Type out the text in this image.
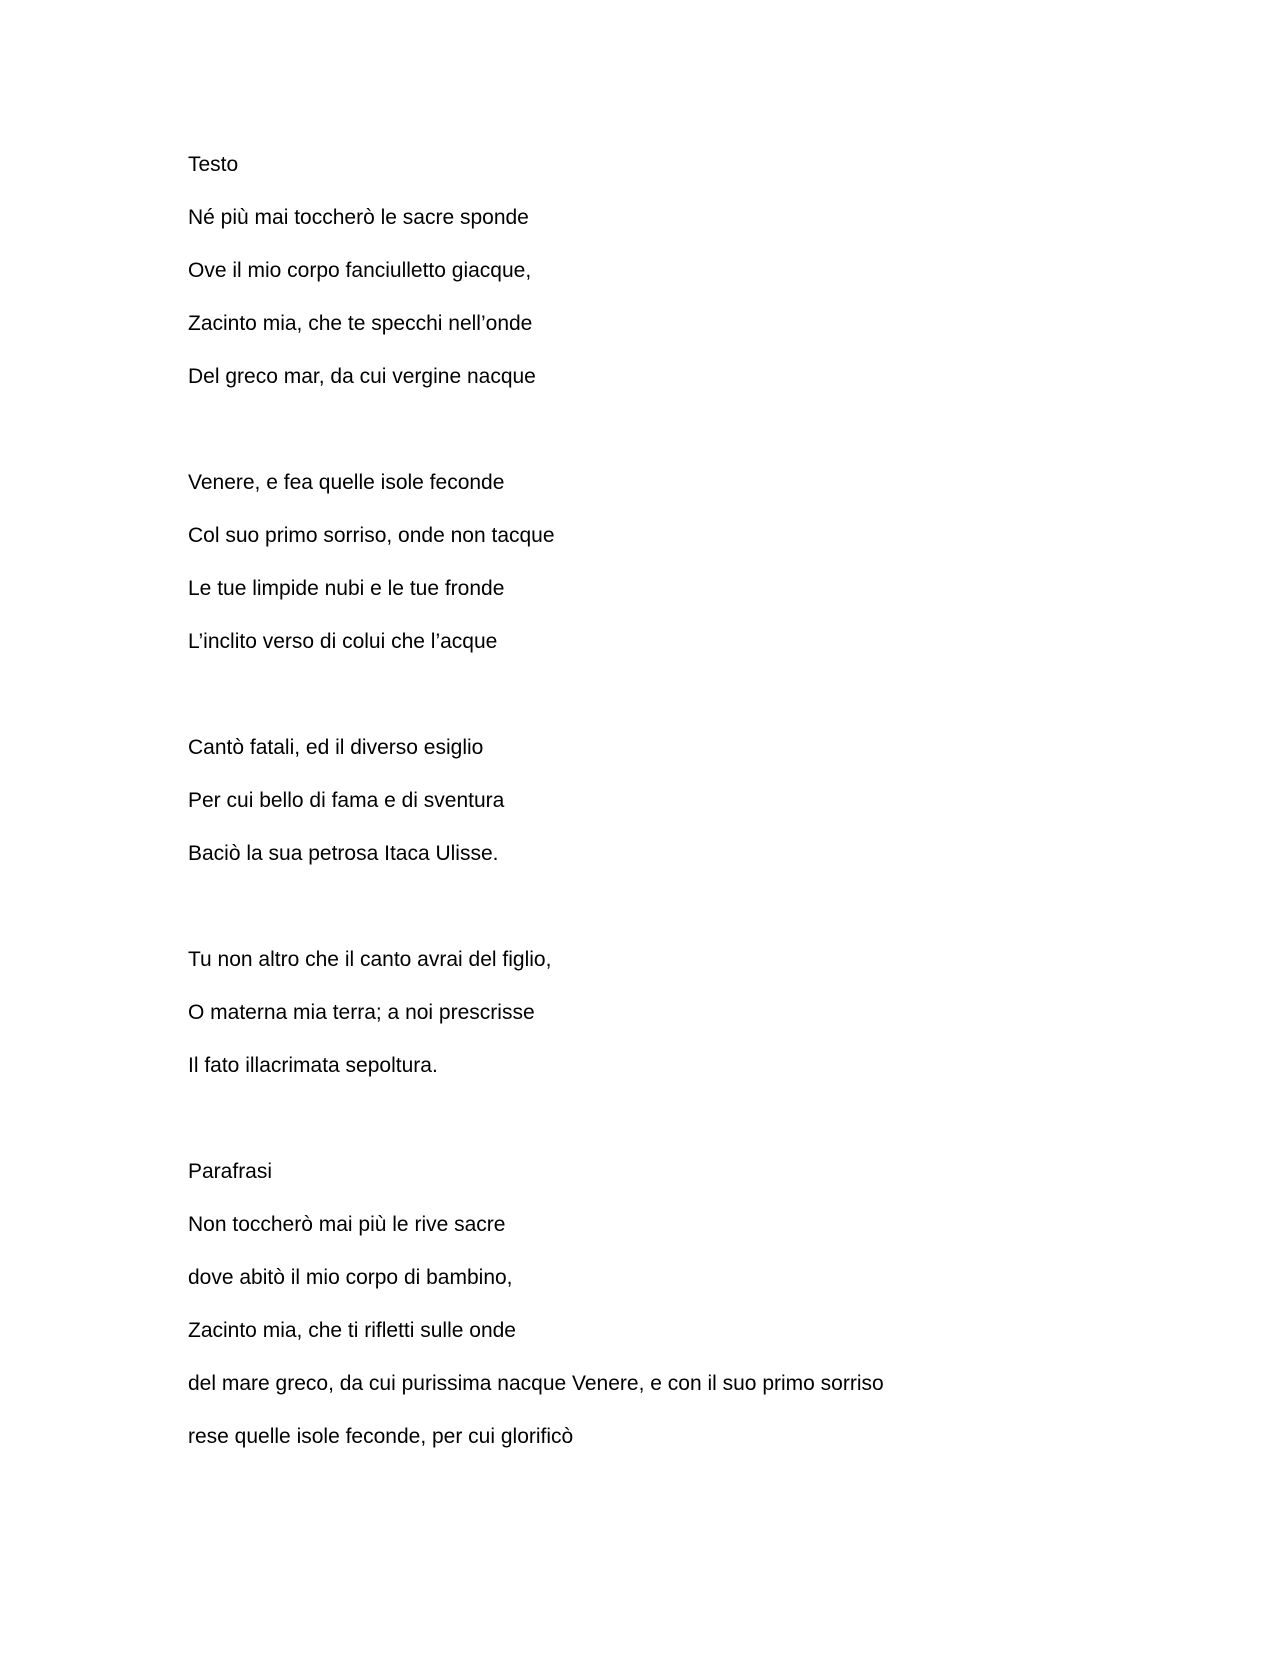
Testo
Né più mai toccherò le sacre sponde
Ove il mio corpo fanciulletto giacque,
Zacinto mia, che te specchi nell’onde
Del greco mar, da cui vergine nacque
Venere, e fea quelle isole feconde
Col suo primo sorriso, onde non tacque
Le tue limpide nubi e le tue fronde
L’inclito verso di colui che l’acque
Cantò fatali, ed il diverso esiglio
Per cui bello di fama e di sventura
Baciò la sua petrosa Itaca Ulisse.
Tu non altro che il canto avrai del figlio,
O materna mia terra; a noi prescrisse
Il fato illacrimata sepoltura.
Parafrasi
Non toccherò mai più le rive sacre
dove abitò il mio corpo di bambino,
Zacinto mia, che ti rifletti sulle onde
del mare greco, da cui purissima nacque Venere, e con il suo primo sorriso
rese quelle isole feconde, per cui glorificò
